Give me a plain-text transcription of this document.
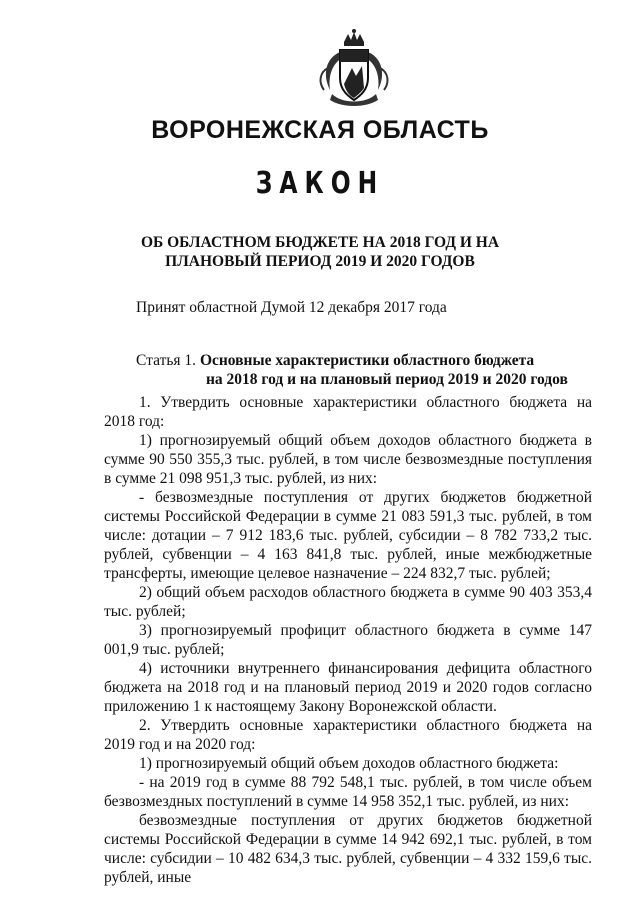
ВОРОНЕЖСКАЯ ОБЛАСТЬ
ЗАКОН
ОБ ОБЛАСТНОМ БЮДЖЕТЕ НА 2018 ГОД И НА
ПЛАНОВЫЙ ПЕРИОД 2019 И 2020 ГОДОВ
Принят областной Думой 12 декабря 2017 года
Статья 1. Основные характеристики областного бюджета
на 2018 год и на плановый период 2019 и 2020 годов

1. Утвердить основные характеристики областного бюджета на 2018 год:

1) прогнозируемый общий объем доходов областного бюджета в сумме 90 550 355,3 тыс. рублей, в том числе безвозмездные поступления в сумме 21 098 951,3 тыс. рублей, из них:

- безвозмездные поступления от других бюджетов бюджетной системы Российской Федерации в сумме 21 083 591,3 тыс. рублей, в том числе: дотации – 7 912 183,6 тыс. рублей, субсидии – 8 782 733,2 тыс. рублей, субвенции – 4 163 841,8 тыс. рублей, иные межбюджетные трансферты, имеющие целевое назначение – 224 832,7 тыс. рублей;

2) общий объем расходов областного бюджета в сумме 90 403 353,4 тыс. рублей;

3) прогнозируемый профицит областного бюджета в сумме 147 001,9 тыс. рублей;

4) источники внутреннего финансирования дефицита областного бюджета на 2018 год и на плановый период 2019 и 2020 годов согласно приложению 1 к настоящему Закону Воронежской области.

2. Утвердить основные характеристики областного бюджета на 2019 год и на 2020 год:

1) прогнозируемый общий объем доходов областного бюджета:

- на 2019 год в сумме 88 792 548,1 тыс. рублей, в том числе объем безвозмездных поступлений в сумме 14 958 352,1 тыс. рублей, из них:

безвозмездные поступления от других бюджетов бюджетной системы Российской Федерации в сумме 14 942 692,1 тыс. рублей, в том числе: субсидии – 10 482 634,3 тыс. рублей, субвенции – 4 332 159,6 тыс. рублей, иные
